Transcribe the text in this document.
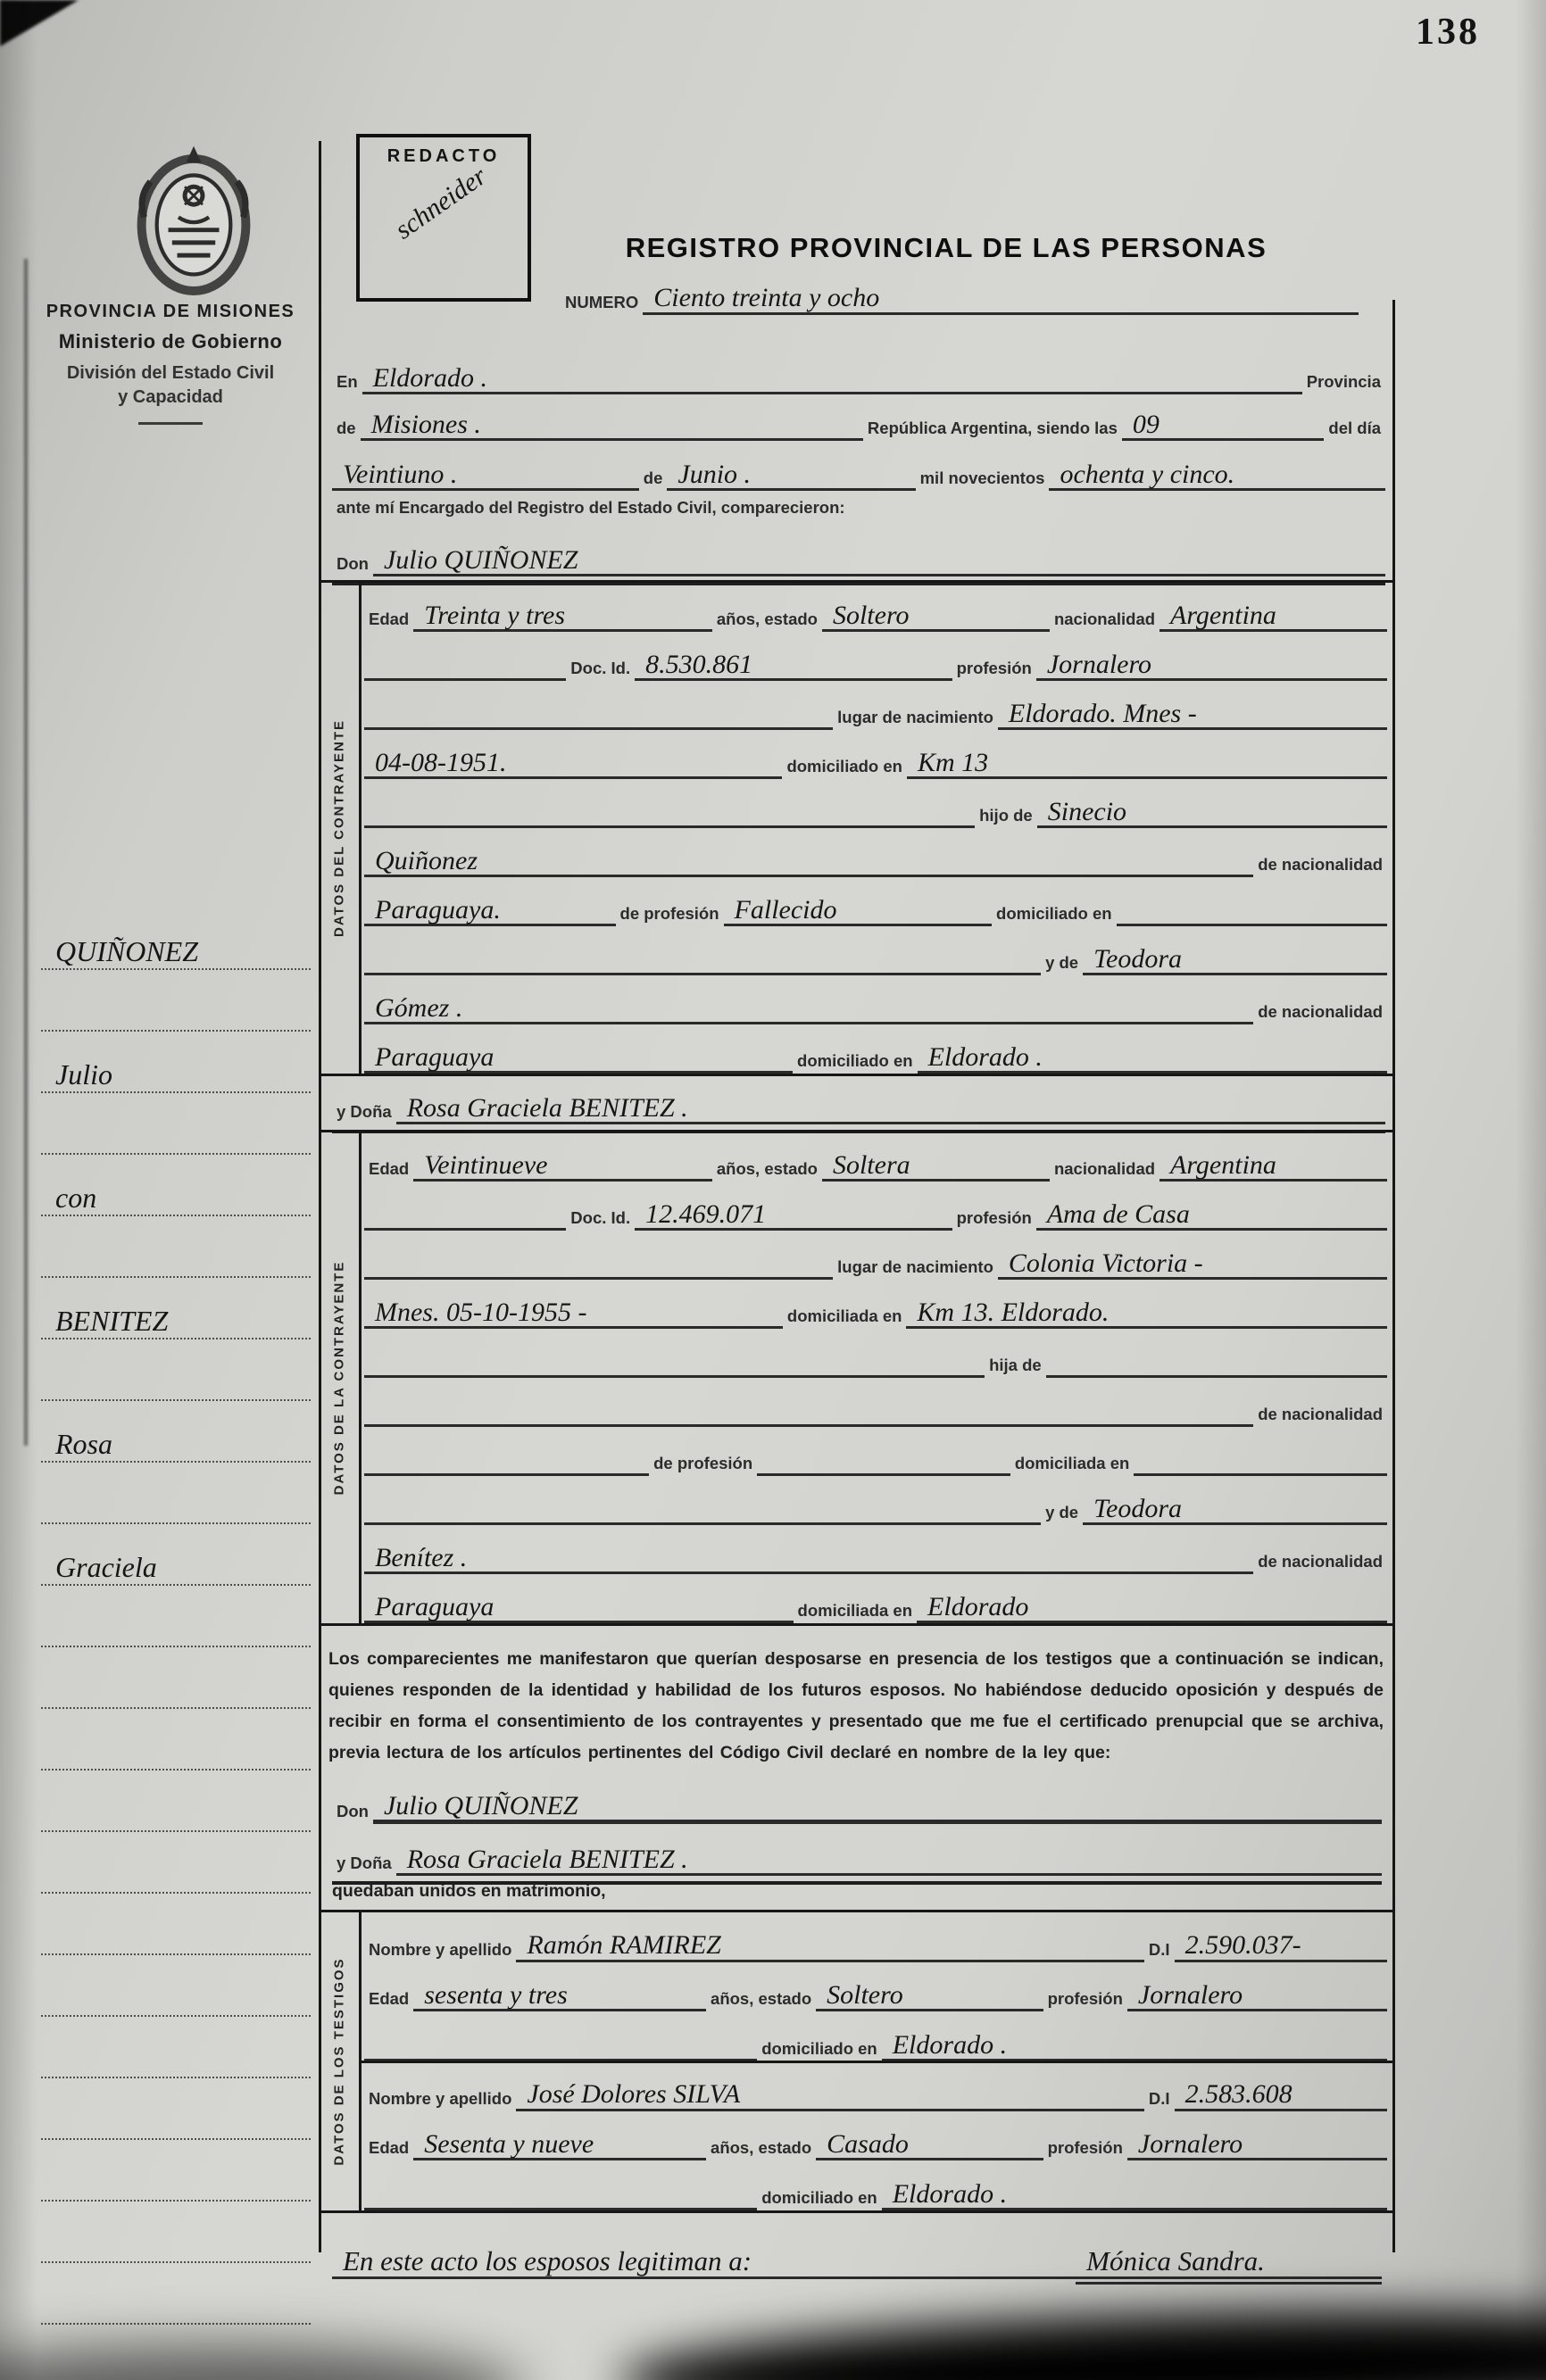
138
PROVINCIA DE MISIONES
Ministerio de Gobierno
División del Estado Civil
y Capacidad
QUIÑONEZ
Julio
con
BENITEZ
Rosa
Graciela
REDACTO
schneider
REGISTRO PROVINCIAL DE LAS PERSONAS
NUMERO Ciento treinta y ocho
En Eldorado .	Provincia
de Misiones .	República Argentina, siendo las 09	del día
Veintiuno .	de Junio .	mil novecientos ochenta y cinco.
ante mí Encargado del Registro del Estado Civil, comparecieron:
Don Julio QUIÑONEZ
DATOS DEL CONTRAYENTE
Edad Treinta y tres	años, estado Soltero	nacionalidad Argentina
Doc. Id. 8.530.861	profesión Jornalero
lugar de nacimiento Eldorado. Mnes -
04-08-1951.	domiciliado en Km 13
hijo de Sinecio
Quiñonez	de nacionalidad
Paraguaya.	de profesión Fallecido	domiciliado en
y de Teodora
Gómez .	de nacionalidad
Paraguaya	domiciliado en Eldorado .
y Doña Rosa Graciela BENITEZ .
DATOS DE LA CONTRAYENTE
Edad Veintinueve	años, estado Soltera	nacionalidad Argentina
Doc. Id. 12.469.071	profesión Ama de Casa
lugar de nacimiento Colonia Victoria -
Mnes. 05-10-1955 -	domiciliada en Km 13. Eldorado.
hija de
de nacionalidad
de profesión	domiciliada en
y de Teodora
Benítez .	de nacionalidad
Paraguaya	domiciliada en Eldorado
Los comparecientes me manifestaron que querían desposarse en presencia de los testigos que a continuación se indican, quienes responden de la identidad y habilidad de los futuros esposos. No habiéndose deducido oposición y después de recibir en forma el consentimiento de los contrayentes y presentado que me fue el certificado prenupcial que se archiva, previa lectura de los artículos pertinentes del Código Civil declaré en nombre de la ley que:
Don Julio QUIÑONEZ
y Doña Rosa Graciela BENITEZ .
quedaban unidos en matrimonio,
DATOS DE LOS TESTIGOS
Nombre y apellido Ramón RAMIREZ	D.I 2.590.037-
Edad sesenta y tres	años, estado Soltero	profesión Jornalero
domiciliado en Eldorado .
Nombre y apellido José Dolores SILVA	D.I 2.583.608
Edad Sesenta y nueve	años, estado Casado	profesión Jornalero
domiciliado en Eldorado .
En este acto los esposos legitiman a:	Mónica Sandra.
